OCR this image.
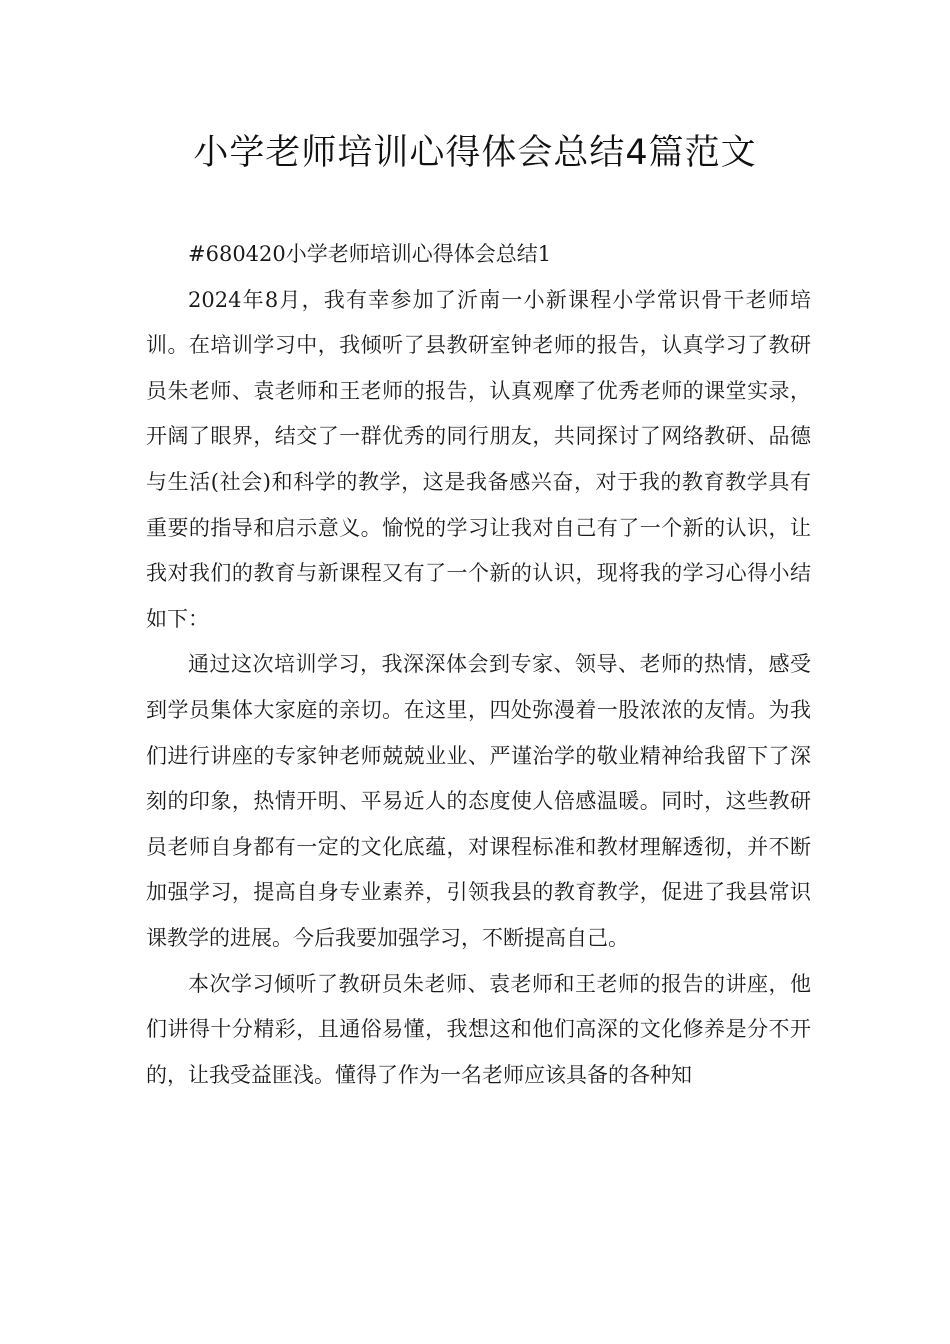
小学老师培训心得体会总结4篇范文

#680420小学老师培训心得体会总结1

2024年8月，我有幸参加了沂南一小新课程小学常识骨干老师培训。在培训学习中，我倾听了县教研室钟老师的报告，认真学习了教研员朱老师、袁老师和王老师的报告，认真观摩了优秀老师的课堂实录，开阔了眼界，结交了一群优秀的同行朋友，共同探讨了网络教研、品德与生活(社会)和科学的教学，这是我备感兴奋，对于我的教育教学具有重要的指导和启示意义。愉悦的学习让我对自己有了一个新的认识，让我对我们的教育与新课程又有了一个新的认识，现将我的学习心得小结如下：

通过这次培训学习，我深深体会到专家、领导、老师的热情，感受到学员集体大家庭的亲切。在这里，四处弥漫着一股浓浓的友情。为我们进行讲座的专家钟老师兢兢业业、严谨治学的敬业精神给我留下了深刻的印象，热情开明、平易近人的态度使人倍感温暖。同时，这些教研员老师自身都有一定的文化底蕴，对课程标准和教材理解透彻，并不断加强学习，提高自身专业素养，引领我县的教育教学，促进了我县常识课教学的进展。今后我要加强学习，不断提高自己。

本次学习倾听了教研员朱老师、袁老师和王老师的报告的讲座，他们讲得十分精彩，且通俗易懂，我想这和他们高深的文化修养是分不开的，让我受益匪浅。懂得了作为一名老师应该具备的各种知
